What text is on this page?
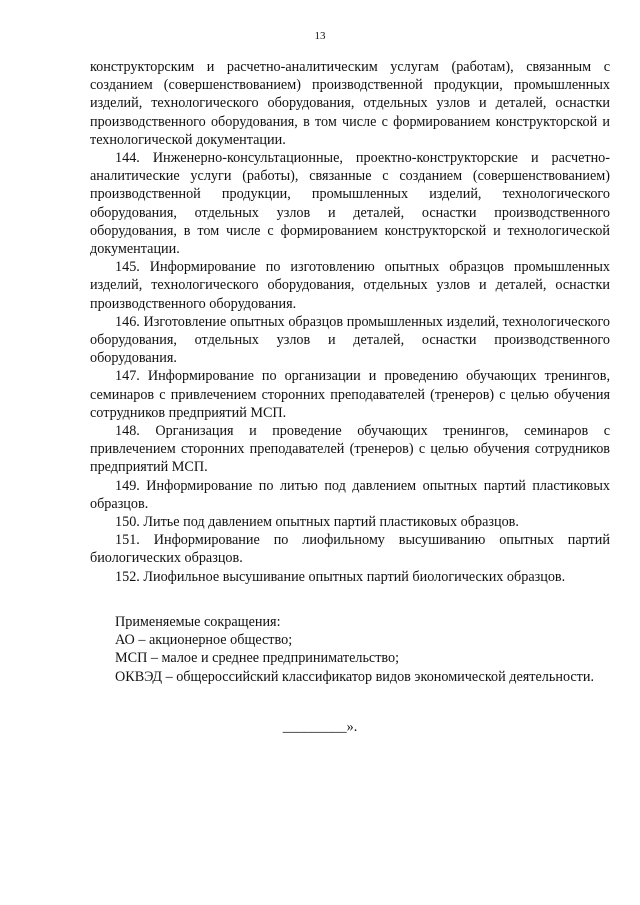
13

конструкторским и расчетно-аналитическим услугам (работам), связанным с созданием (совершенствованием) производственной продукции, промышленных изделий, технологического оборудования, отдельных узлов и деталей, оснастки производственного оборудования, в том числе с формированием конструкторской и технологической документации.

144. Инженерно-консультационные, проектно-конструкторские и расчетно-аналитические услуги (работы), связанные с созданием (совершенствованием) производственной продукции, промышленных изделий, технологического оборудования, отдельных узлов и деталей, оснастки производственного оборудования, в том числе с формированием конструкторской и технологической документации.

145. Информирование по изготовлению опытных образцов промышленных изделий, технологического оборудования, отдельных узлов и деталей, оснастки производственного оборудования.

146. Изготовление опытных образцов промышленных изделий, технологического оборудования, отдельных узлов и деталей, оснастки производственного оборудования.

147. Информирование по организации и проведению обучающих тренингов, семинаров с привлечением сторонних преподавателей (тренеров) с целью обучения сотрудников предприятий МСП.

148. Организация и проведение обучающих тренингов, семинаров с привлечением сторонних преподавателей (тренеров) с целью обучения сотрудников предприятий МСП.

149. Информирование по литью под давлением опытных партий пластиковых образцов.

150. Литье под давлением опытных партий пластиковых образцов.

151. Информирование по лиофильному высушиванию опытных партий биологических образцов.

152. Лиофильное высушивание опытных партий биологических образцов.

Применяемые сокращения:

АО – акционерное общество;

МСП – малое и среднее предпринимательство;

ОКВЭД – общероссийский классификатор видов экономической деятельности.

_________».
